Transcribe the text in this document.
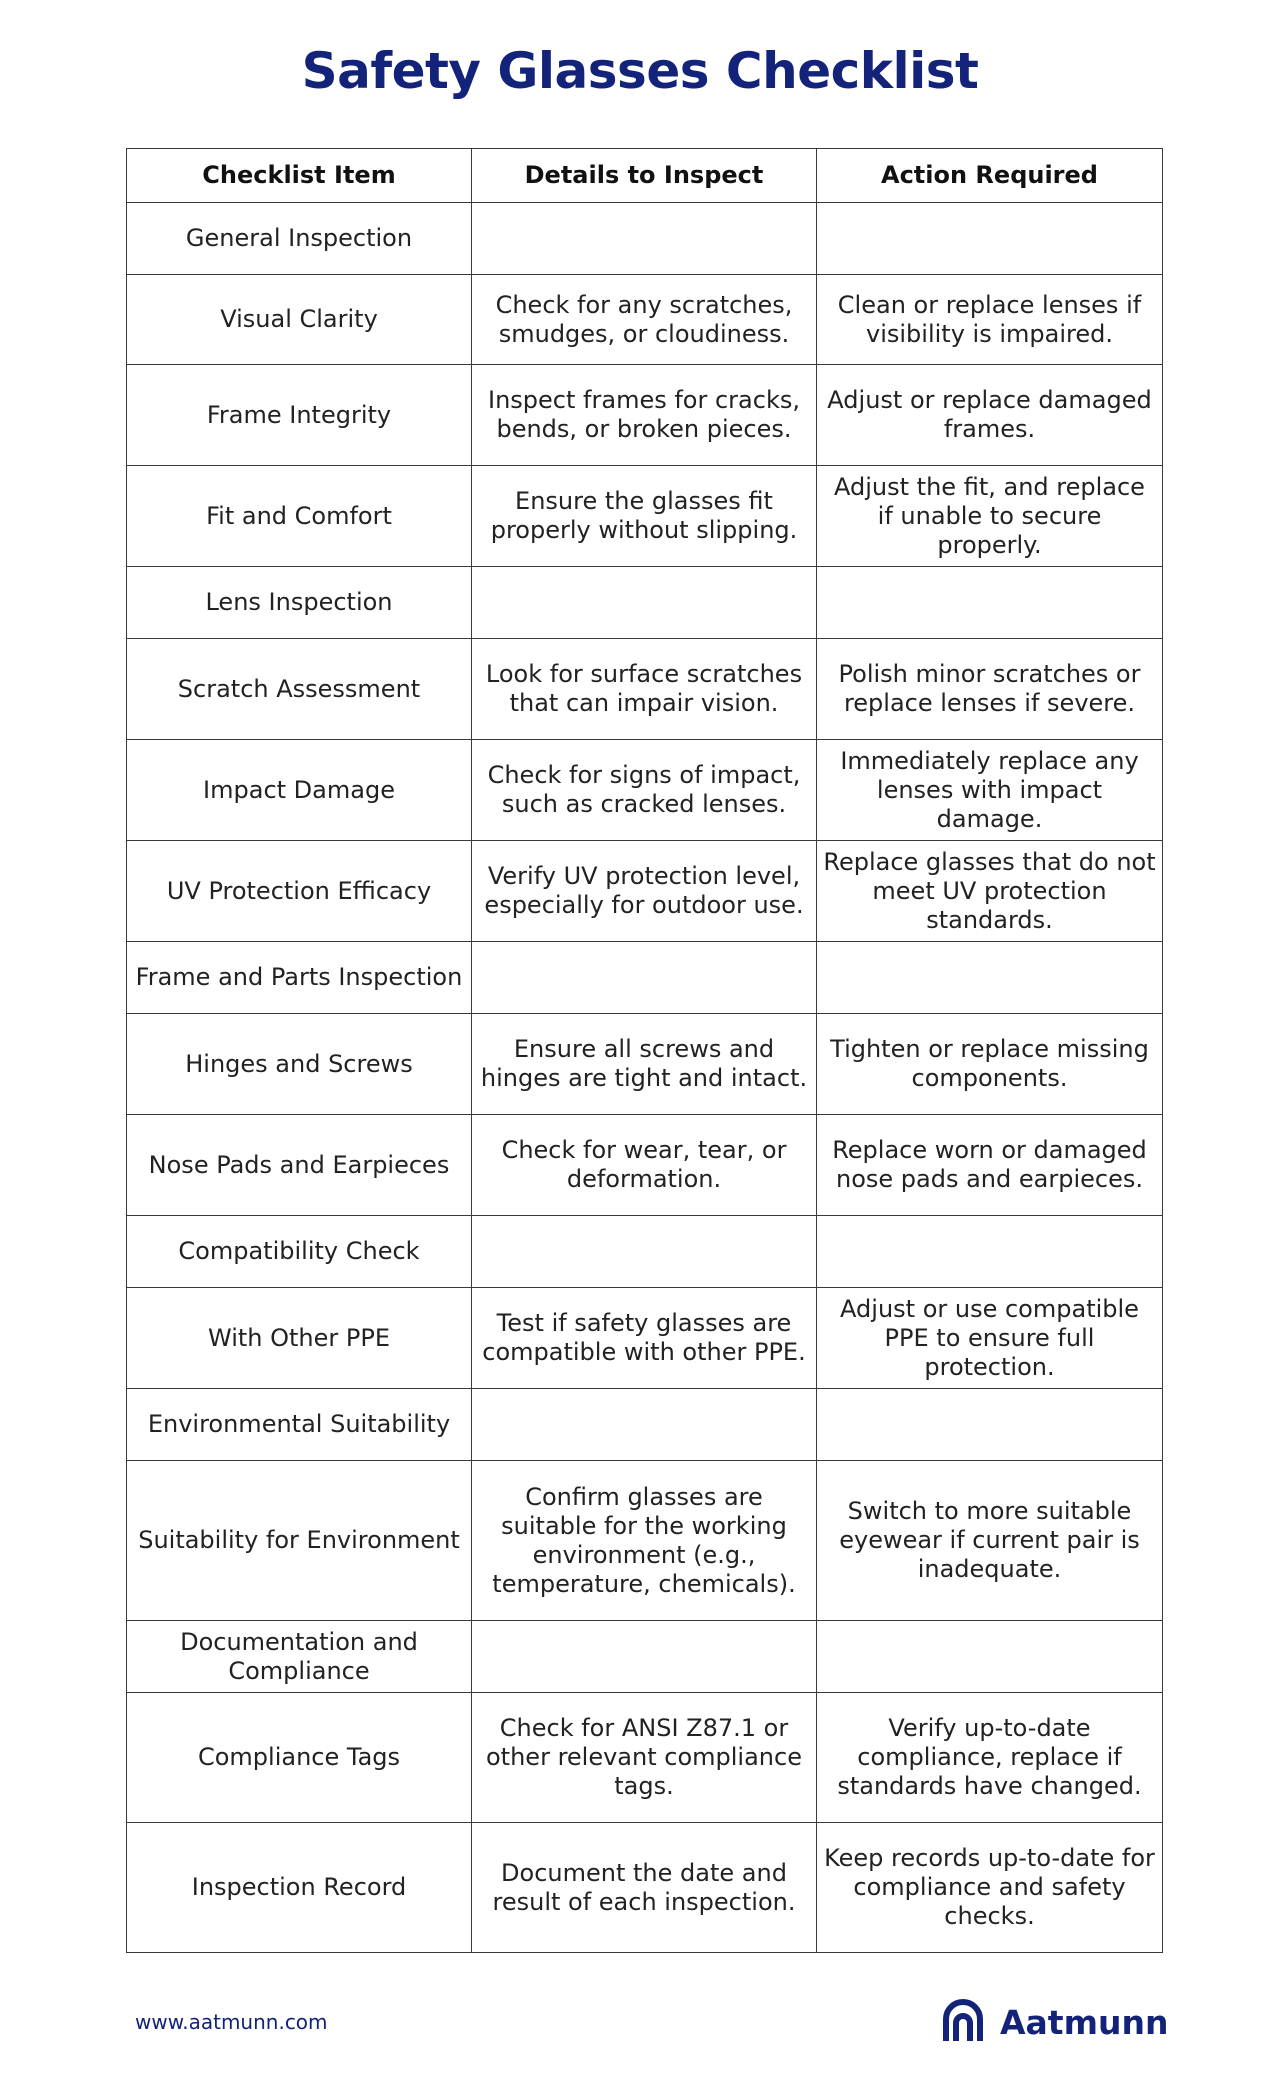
Safety Glasses Checklist
Checklist Item	Details to Inspect	Action Required
General Inspection		
Visual Clarity	Check for any scratches, smudges, or cloudiness.	Clean or replace lenses if visibility is impaired.
Frame Integrity	Inspect frames for cracks, bends, or broken pieces.	Adjust or replace damaged frames.
Fit and Comfort	Ensure the glasses fit properly without slipping.	Adjust the fit, and replace if unable to secure properly.
Lens Inspection		
Scratch Assessment	Look for surface scratches that can impair vision.	Polish minor scratches or replace lenses if severe.
Impact Damage	Check for signs of impact, such as cracked lenses.	Immediately replace any lenses with impact damage.
UV Protection Efficacy	Verify UV protection level, especially for outdoor use.	Replace glasses that do not meet UV protection standards.
Frame and Parts Inspection		
Hinges and Screws	Ensure all screws and hinges are tight and intact.	Tighten or replace missing components.
Nose Pads and Earpieces	Check for wear, tear, or deformation.	Replace worn or damaged nose pads and earpieces.
Compatibility Check		
With Other PPE	Test if safety glasses are compatible with other PPE.	Adjust or use compatible PPE to ensure full protection.
Environmental Suitability		
Suitability for Environment	Confirm glasses are suitable for the working environment (e.g., temperature, chemicals).	Switch to more suitable eyewear if current pair is inadequate.
Documentation and Compliance		
Compliance Tags	Check for ANSI Z87.1 or other relevant compliance tags.	Verify up-to-date compliance, replace if standards have changed.
Inspection Record	Document the date and result of each inspection.	Keep records up-to-date for compliance and safety checks.
www.aatmunn.com	Aatmunn
